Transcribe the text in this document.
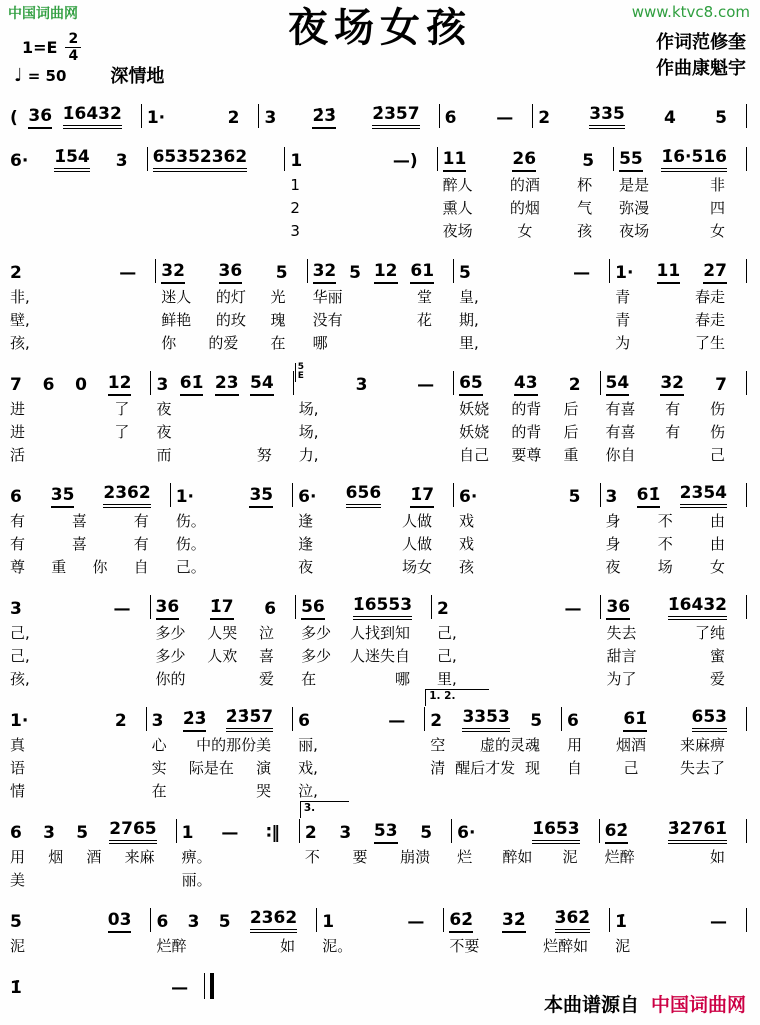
中国词曲网	www.ktvc8.com
夜场女孩	作词范修奎
作曲康魁宇
$1=E \frac{2}{4}$
♩ = 50 深情地
( 36 1̇6432 1·	2 3 2̇3̇ 2̇357 6 — 2 335 4 5
6· 1̇54 3 65352362	1	—) 11	26	5 55 1̇6·516
1	醉人 的酒 杯 是是	非
2	熏人 的烟 气 弥漫	四
3	夜场	女	孩 夜场	女
2	— 32 36 5 32 5 12 61 5	— 1· 11 27
非,	迷人 的灯 光 华丽	堂 皇,	青	春走
壁,	鲜艳 的玫 瑰 没有	花 期,	青	春走
孩,	你 的爱 在 哪	里,	为	了生
7 6 0 12 3 61̇ 23 54
5
E	3	— 65 43 2 54 32 7
进	了 夜	场,	妖娆 的背 后 有喜 有 伤
进	了 夜	场,	妖娆 的背 后 有喜 有 伤
活	而	努 力,	自己 要尊 重 你自	己
6 35 2362 1·	35 6· 656 1̇7 6·	5 3 61̇ 2354
有	喜	有 伤。	逢	人做 戏	身 不 由
有	喜	有 伤。	逢	人做 戏	身 不 由
尊 重 你 自 己。	夜	场女 孩	夜 场 女
3	— 36 1̇7 6 56 1̇6553 2	— 36 1̇6432
己,	多少 人哭 泣 多少 人找到知 己,	失去	了纯
己,	多少 人欢 喜 多少 人迷失自 己,	甜言	蜜
孩,	你的	爱 在	哪 里,	为了	爱
1·	2 3 2̇3̇ 2̇3̇5̇7 6	—
1. 2.
2 3353 5 6	61̇	653
真	心 中的那份美 丽,	空 虚的灵魂 用 烟酒 来麻痹
语	实 际是在 演 戏,	清 醒后才发 现 自	己	失去了
情	在	哭 泣,
6 3 5 2765 1 — ∶‖
3.
2 3 53 5 6·	1̇653 62̇ 3̇2761̇
用 烟 酒 来麻 痹。	不 要 崩溃 烂 醉如 泥 烂醉	如
美	丽。
5	03 6 3 5 2362 1	— 62̇ 32̇ 3̇62̇ 1̇	—
泥	烂醉	如 泥。	不要	烂醉如 泥
1̇	—
本曲谱源自 中国词曲网
